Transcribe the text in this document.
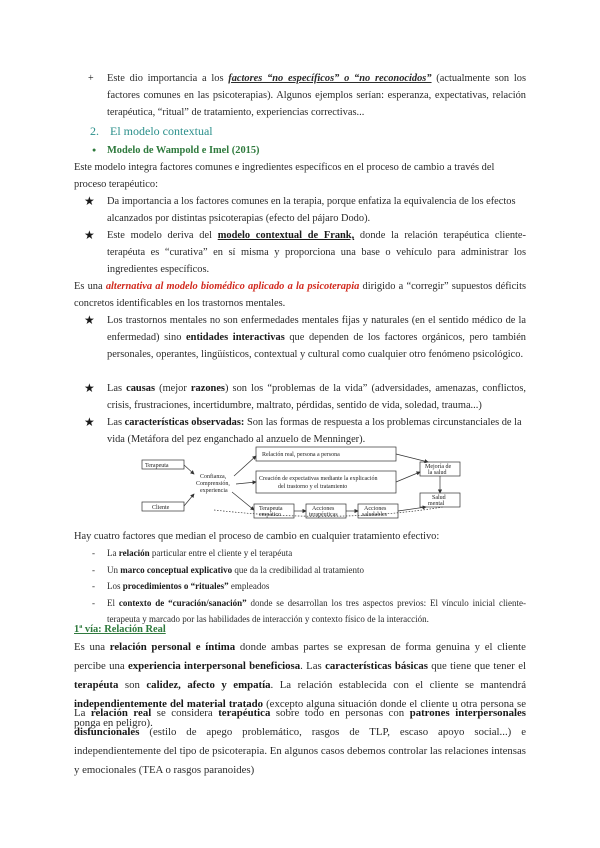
+	Este dio importancia a los factores “no específicos” o “no reconocidos” (actualmente son los factores comunes en las psicoterapias). Algunos ejemplos serían: esperanza, expectativas, relación terapéutica, “ritual” de tratamiento, experiencias correctivas...
2. El modelo contextual
● Modelo de Wampold e Imel (2015)
Este modelo integra factores comunes e ingredientes específicos en el proceso de cambio a través del proceso terapéutico:
★	Da importancia a los factores comunes en la terapia, porque enfatiza la equivalencia de los efectos alcanzados por distintas psicoterapias (efecto del pájaro Dodo).
★	Este modelo deriva del modelo contextual de Frank, donde la relación terapéutica cliente-terapéuta es “curativa” en sí misma y proporciona una base o vehículo para administrar los ingredientes específicos.
Es una alternativa al modelo biomédico aplicado a la psicoterapia dirigido a “corregir” supuestos déficits concretos identificables en los trastornos mentales.
★	Los trastornos mentales no son enfermedades mentales fijas y naturales (en el sentido médico de la enfermedad) sino entidades interactivas que dependen de los factores orgánicos, pero también personales, operantes, lingüísticos, contextual y cultural como cualquier otro fenómeno psicológico.
★	Las causas (mejor razones) son los “problemas de la vida” (adversidades, amenazas, conflictos, crisis, frustraciones, incertidumbre, maltrato, pérdidas, sentido de vida, soledad, trauma...)
★	Las características observadas: Son las formas de respuesta a los problemas circunstanciales de la vida (Metáfora del pez enganchado al anzuelo de Menninger).
Terapeuta
Cliente
Confianza,
Comprensión,
experiencia
Relación real, persona a persona
Creación de expectativas mediante la explicación
del trastorno y el tratamiento
Terapeuta
empático
Acciones
terapéuticas
Acciones
saludables
Mejoría de
la salud
Salud
mental
Hay cuatro factores que median el proceso de cambio en cualquier tratamiento efectivo:
- La relación particular entre el cliente y el terapéuta
- Un marco conceptual explicativo que da la credibilidad al tratamiento
- Los procedimientos o “rituales” empleados
- El contexto de “curación/sanación” donde se desarrollan los tres aspectos previos: El vínculo inicial cliente-terapeuta y marcado por las habilidades de interacción y contexto físico de la interacción.
1ª vía: Relación Real
Es una relación personal e íntima donde ambas partes se expresan de forma genuina y el cliente percibe una experiencia interpersonal beneficiosa. Las características básicas que tiene que tener el terapéuta son calidez, afecto y empatía. La relación establecida con el cliente se mantendrá independientemente del material tratado (excepto alguna situación donde el cliente u otra persona se ponga en peligro).
La relación real se considera terapéutica sobre todo en personas con patrones interpersonales disfuncionales (estilo de apego problemático, rasgos de TLP, escaso apoyo social...) e independientemente del tipo de psicoterapia. En algunos casos debemos controlar las relaciones intensas y emocionales (TEA o rasgos paranoides)
